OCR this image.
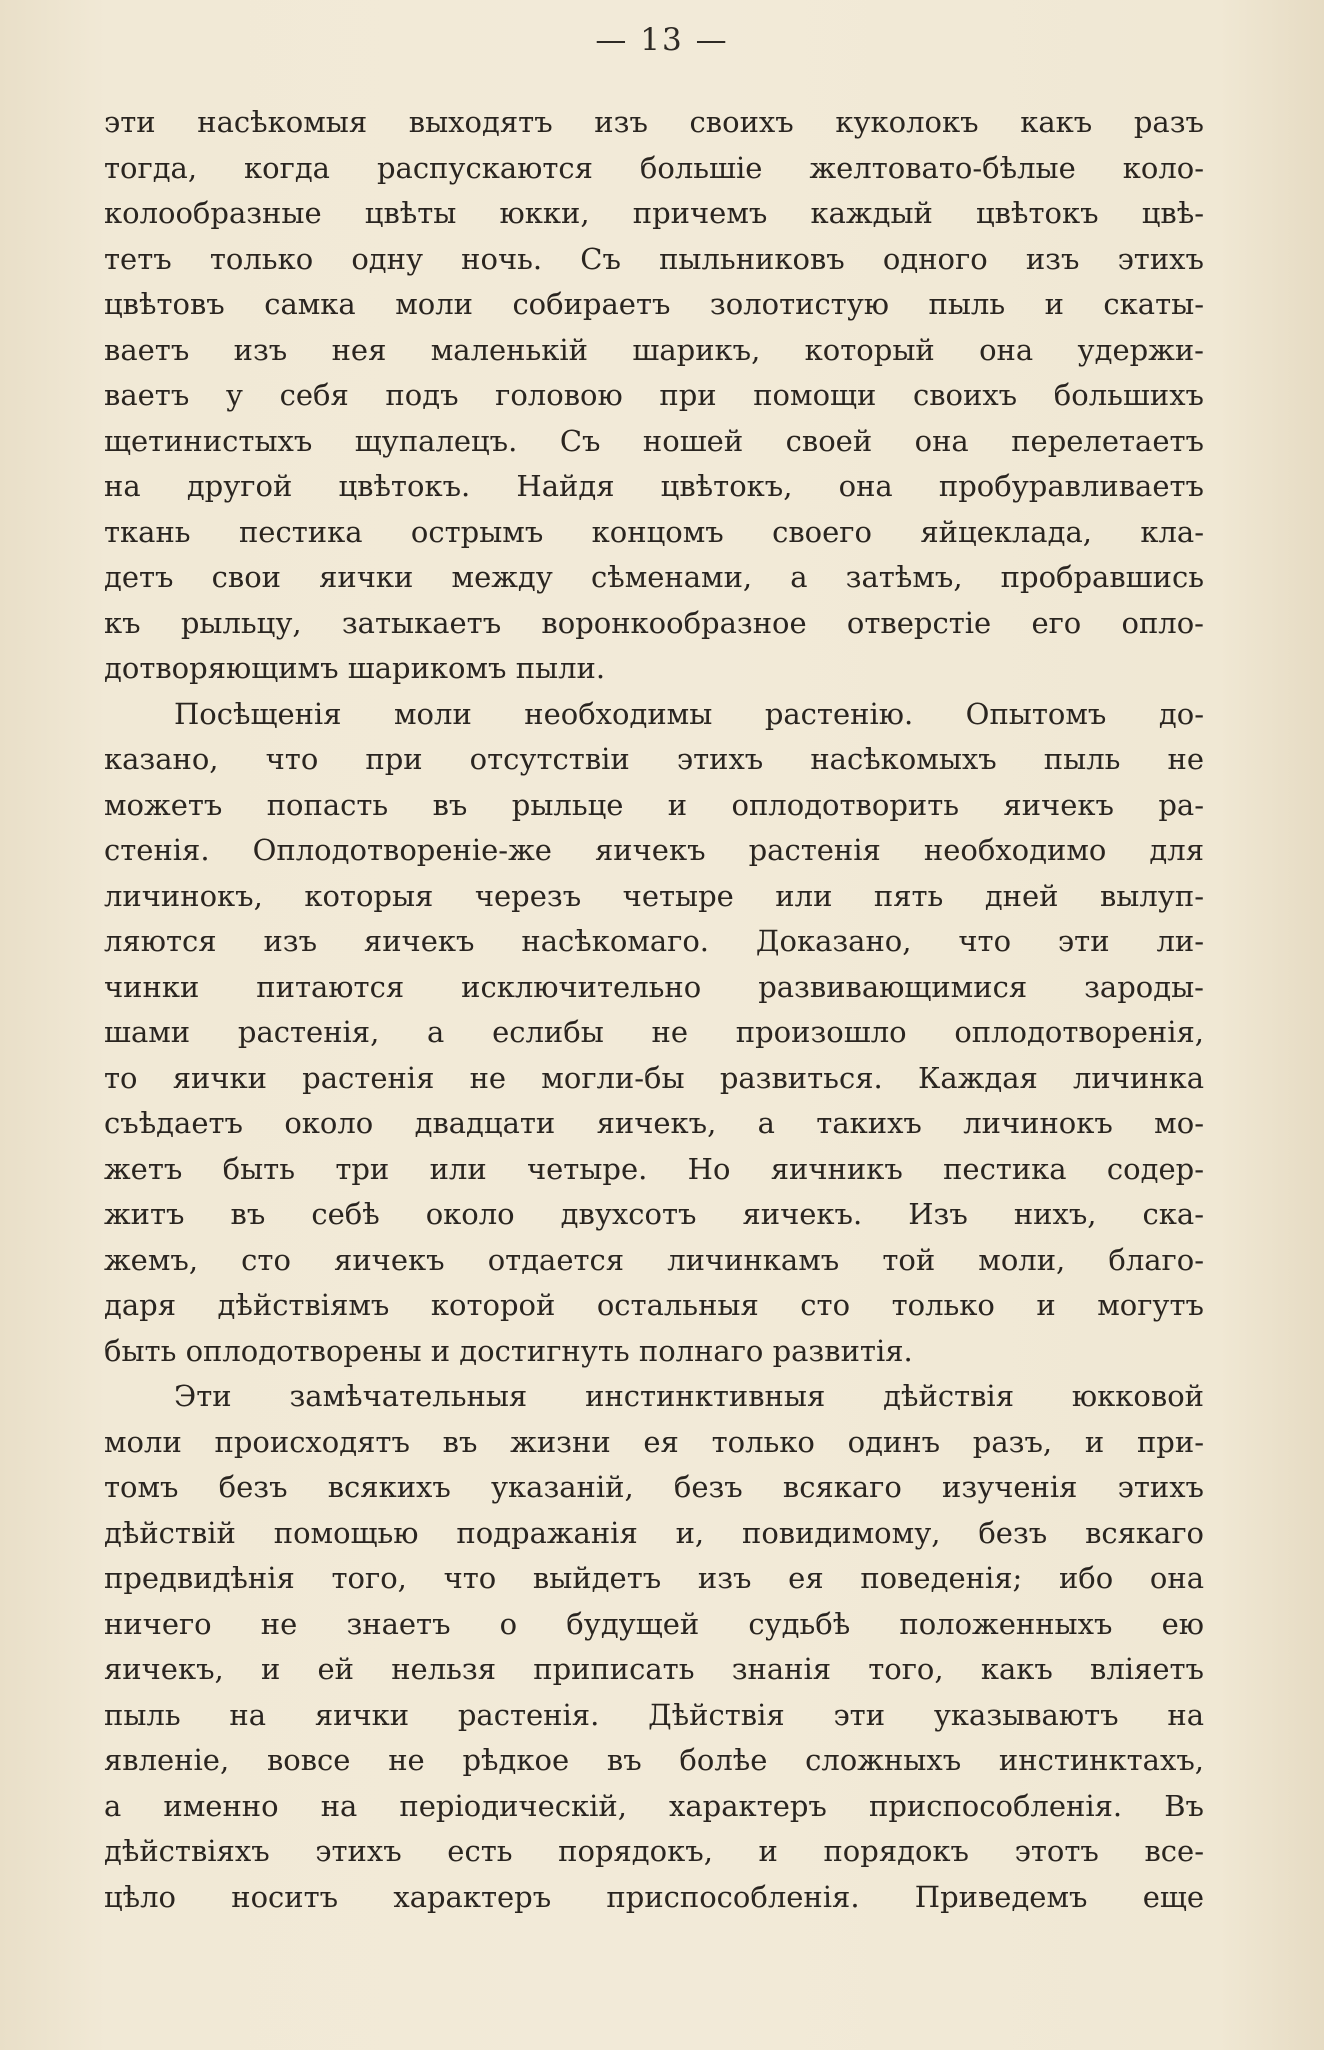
— 13 —
эти насѣкомыя выходятъ изъ своихъ куколокъ какъ разъ
тогда, когда распускаются большіе желтовато-бѣлые коло-
колообразные цвѣты юкки, причемъ каждый цвѣтокъ цвѣ-
тетъ только одну ночь. Съ пыльниковъ одного изъ этихъ
цвѣтовъ самка моли собираетъ золотистую пыль и скаты-
ваетъ изъ нея маленькій шарикъ, который она удержи-
ваетъ у себя подъ головою при помощи своихъ большихъ
щетинистыхъ щупалецъ. Съ ношей своей она перелетаетъ
на другой цвѣтокъ. Найдя цвѣтокъ, она пробуравливаетъ
ткань пестика острымъ концомъ своего яйцеклада, кла-
детъ свои яички между сѣменами, а затѣмъ, пробравшись
къ рыльцу, затыкаетъ воронкообразное отверстіе его опло-
дотворяющимъ шарикомъ пыли.
Посѣщенія моли необходимы растенію. Опытомъ до-
казано, что при отсутствіи этихъ насѣкомыхъ пыль не
можетъ попасть въ рыльце и оплодотворить яичекъ ра-
стенія. Оплодотвореніе-же яичекъ растенія необходимо для
личинокъ, которыя черезъ четыре или пять дней вылуп-
ляются изъ яичекъ насѣкомаго. Доказано, что эти ли-
чинки питаются исключительно развивающимися зароды-
шами растенія, а еслибы не произошло оплодотворенія,
то яички растенія не могли-бы развиться. Каждая личинка
съѣдаетъ около двадцати яичекъ, а такихъ личинокъ мо-
жетъ быть три или четыре. Но яичникъ пестика содер-
житъ въ себѣ около двухсотъ яичекъ. Изъ нихъ, ска-
жемъ, сто яичекъ отдается личинкамъ той моли, благо-
даря дѣйствіямъ которой остальныя сто только и могутъ
быть оплодотворены и достигнуть полнаго развитія.
Эти замѣчательныя инстинктивныя дѣйствія юкковой
моли происходятъ въ жизни ея только одинъ разъ, и при-
томъ безъ всякихъ указаній, безъ всякаго изученія этихъ
дѣйствій помощью подражанія и, повидимому, безъ всякаго
предвидѣнія того, что выйдетъ изъ ея поведенія; ибо она
ничего не знаетъ о будущей судьбѣ положенныхъ ею
яичекъ, и ей нельзя приписать знанія того, какъ вліяетъ
пыль на яички растенія. Дѣйствія эти указываютъ на
явленіе, вовсе не рѣдкое въ болѣе сложныхъ инстинктахъ,
а именно на періодическій, характеръ приспособленія. Въ
дѣйствіяхъ этихъ есть порядокъ, и порядокъ этотъ все-
цѣло носитъ характеръ приспособленія. Приведемъ еще
